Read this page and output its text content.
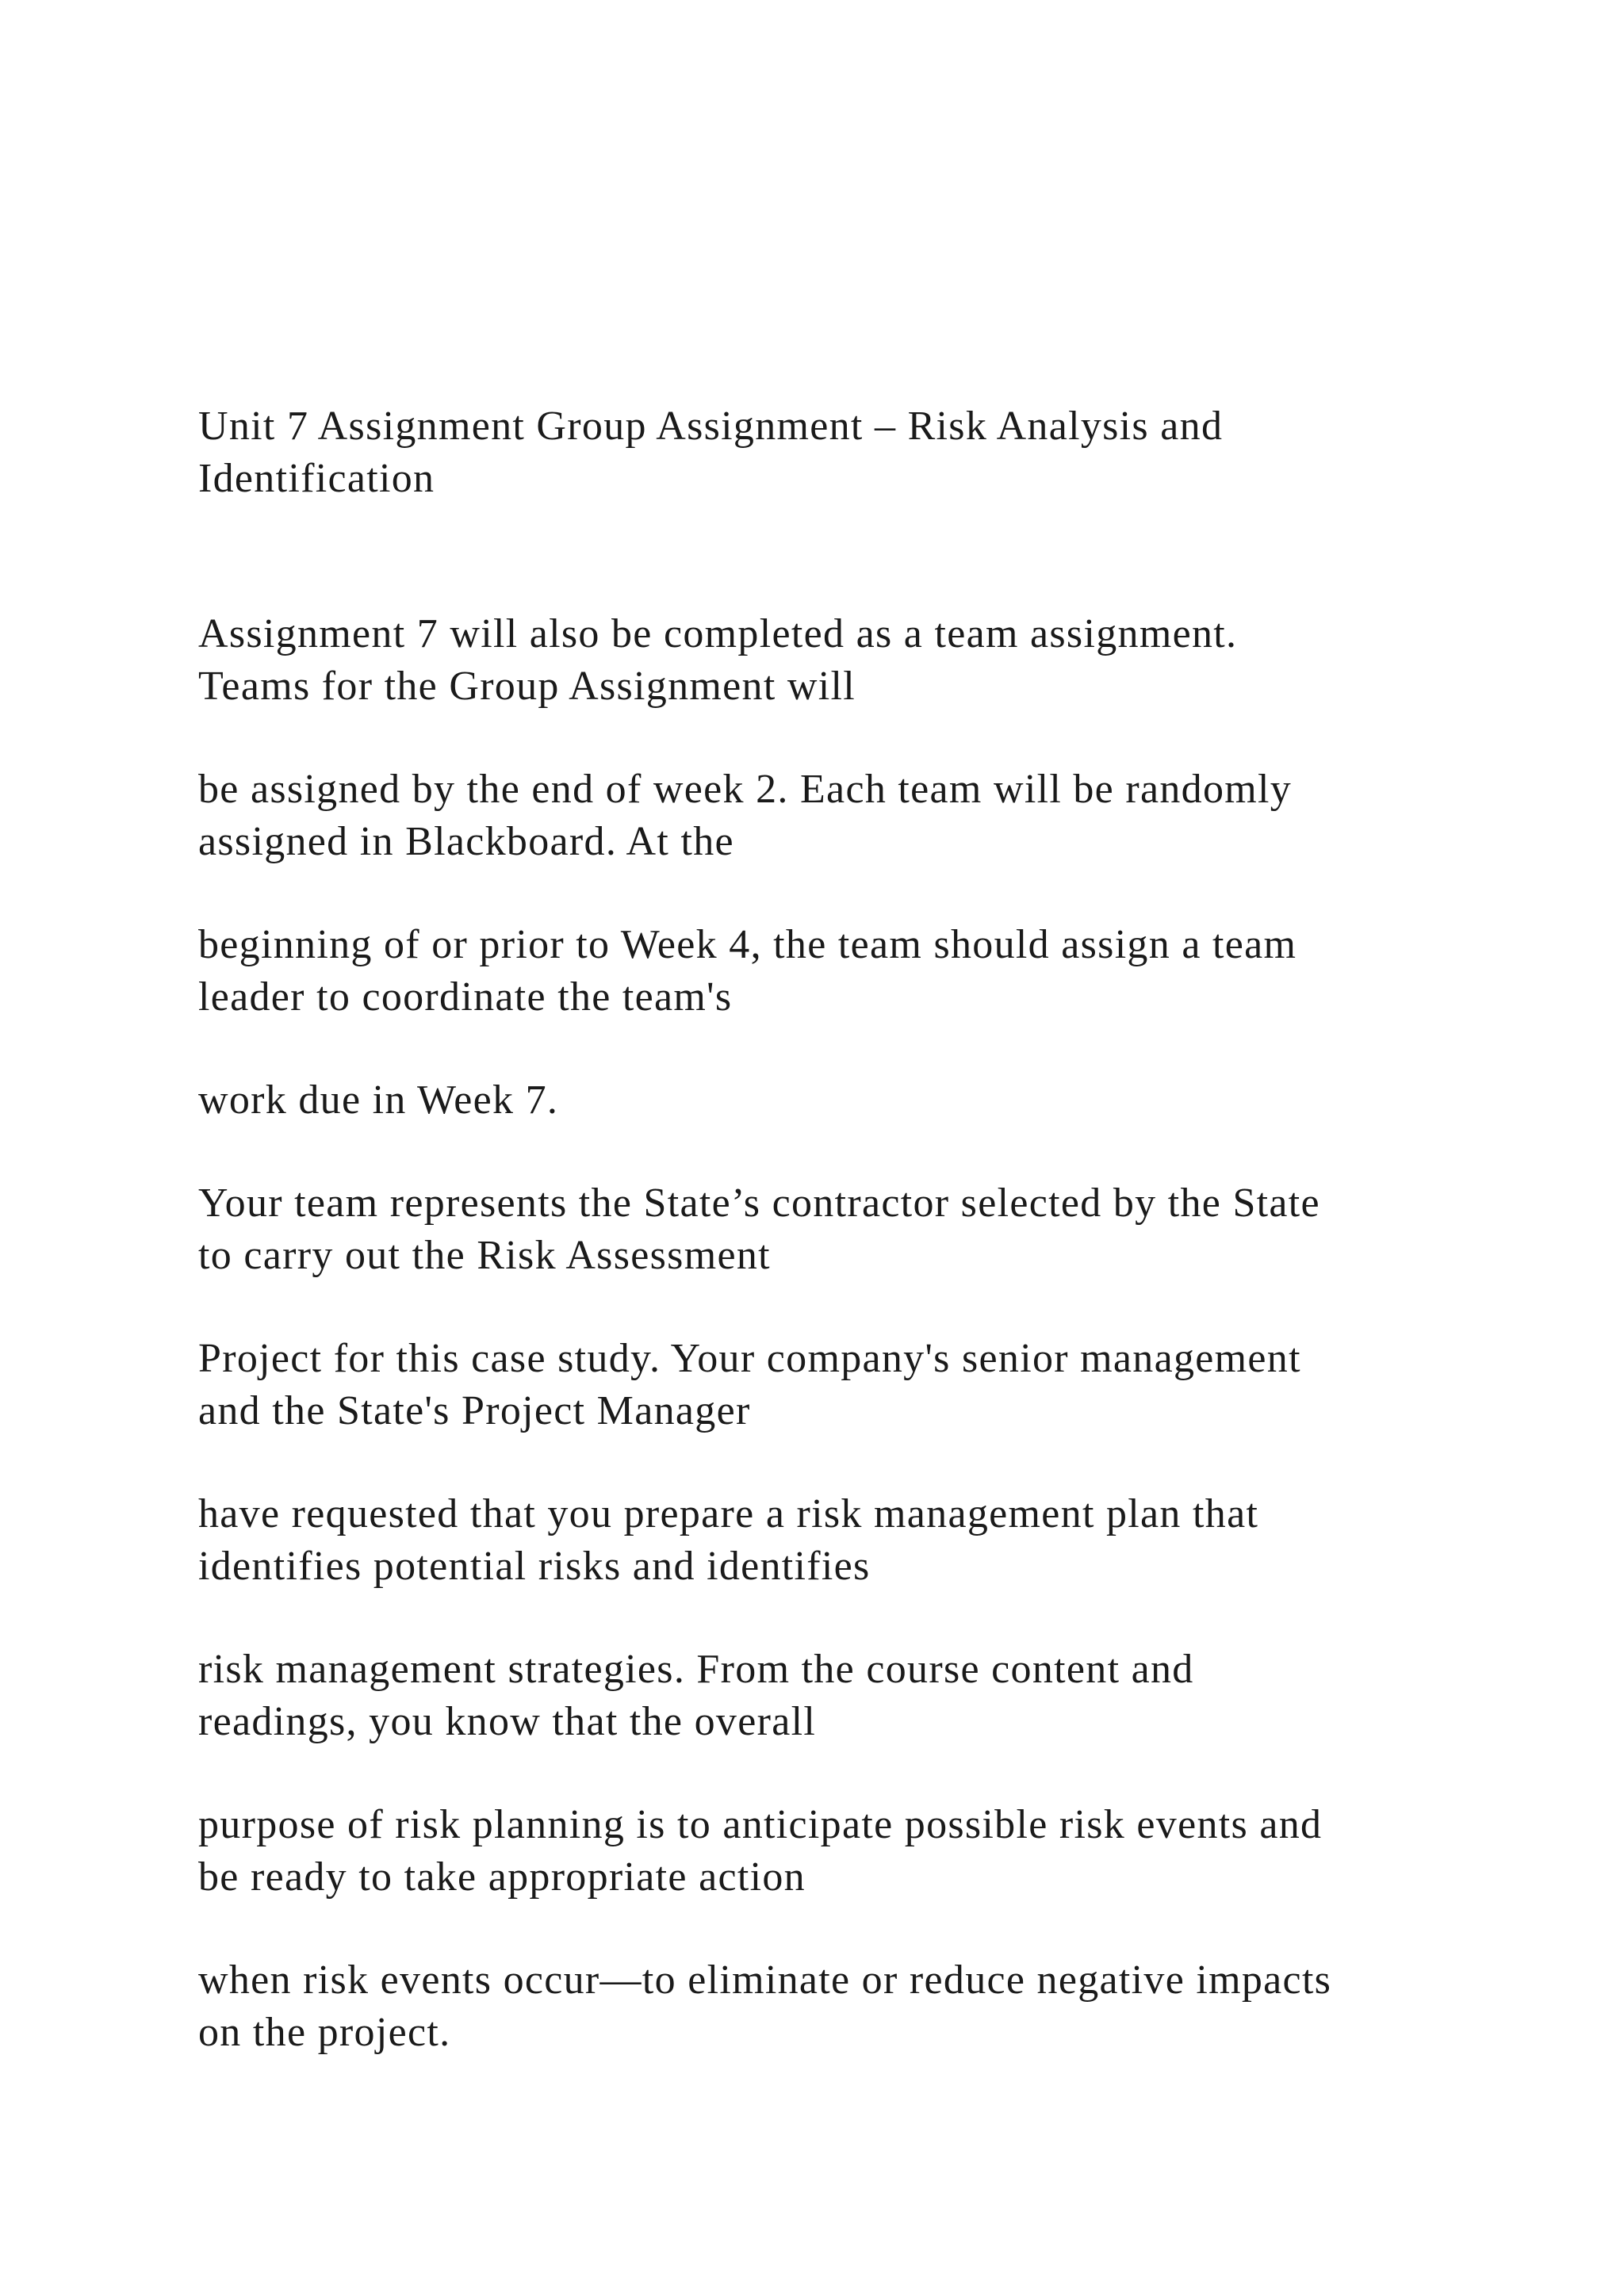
Unit 7 Assignment Group Assignment – Risk Analysis and
Identification

Assignment 7 will also be completed as a team assignment.
Teams for the Group Assignment will

be assigned by the end of week 2. Each team will be randomly
assigned in Blackboard. At the

beginning of or prior to Week 4, the team should assign a team
leader to coordinate the team's

work due in Week 7.

Your team represents the State’s contractor selected by the State
to carry out the Risk Assessment

Project for this case study. Your company's senior management
and the State's Project Manager

have requested that you prepare a risk management plan that
identifies potential risks and identifies

risk management strategies. From the course content and
readings, you know that the overall

purpose of risk planning is to anticipate possible risk events and
be ready to take appropriate action

when risk events occur—to eliminate or reduce negative impacts
on the project.
